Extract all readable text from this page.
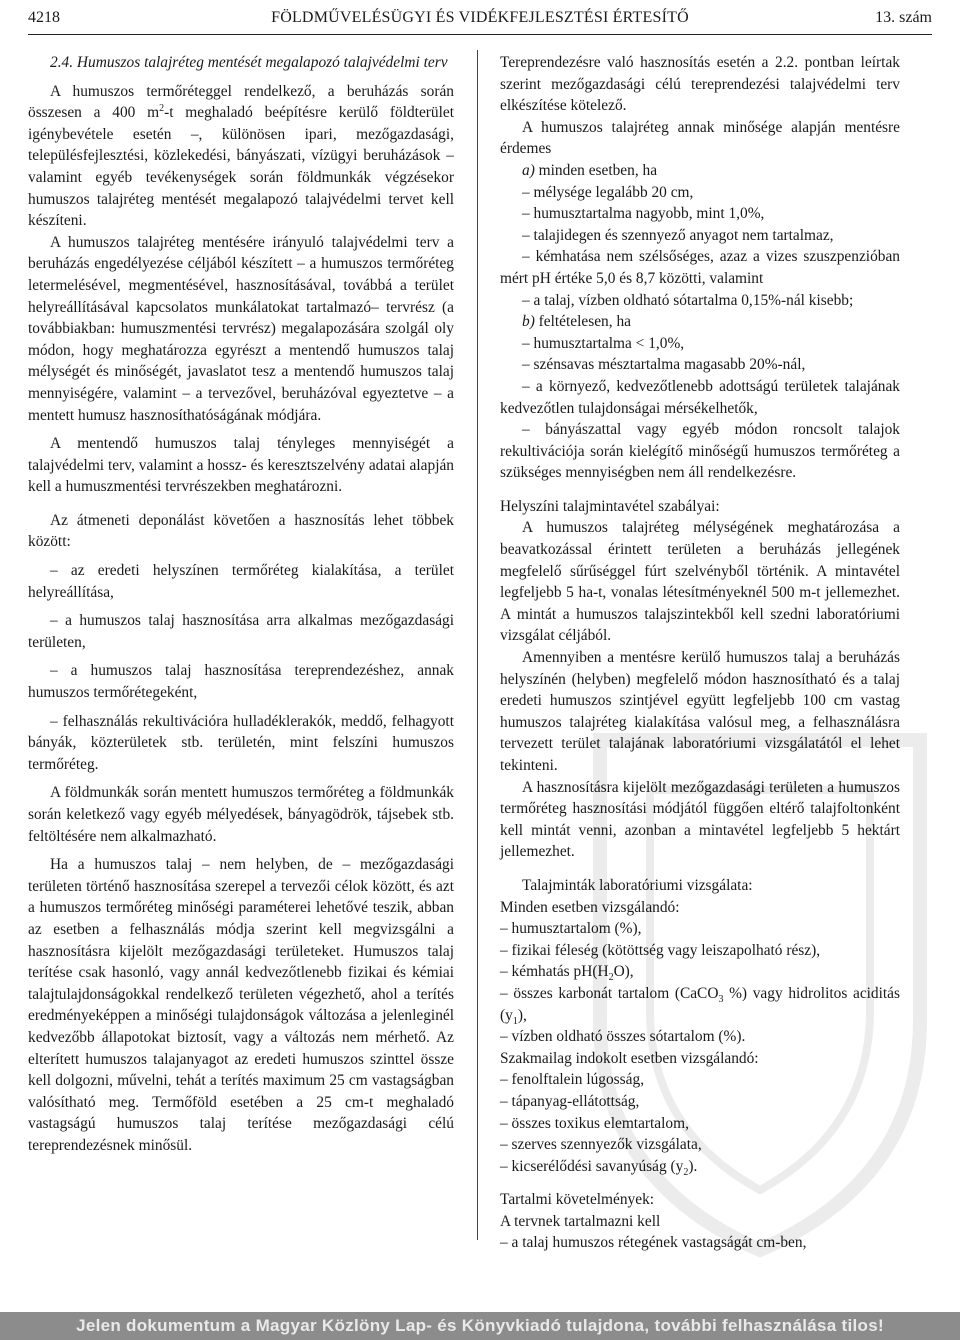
4218	FÖLDMŰVELÉSÜGYI ÉS VIDÉKFEJLESZTÉSI ÉRTESÍTŐ	13. szám

2.4. Humuszos talajréteg mentését megalapozó talajvédelmi terv

A humuszos termőréteggel rendelkező, a beruházás során összesen a 400 $m^2-t$ meghaladó beépítésre kerülő földterület igénybevétele esetén –, különösen ipari, mezőgazdasági, településfejlesztési, közlekedési, bányászati, vízügyi beruházások – valamint egyéb tevékenységek során földmunkák végzésekor humuszos talajréteg mentését megalapozó talajvédelmi tervet kell készíteni.

A humuszos talajréteg mentésére irányuló talajvédelmi terv a beruházás engedélyezése céljából készített – a humuszos termőréteg letermelésével, megmentésével, hasznosításával, továbbá a terület helyreállításával kapcsolatos munkálatokat tartalmazó– tervrész (a továbbiakban: humuszmentési tervrész) megalapozására szolgál oly módon, hogy meghatározza egyrészt a mentendő humuszos talaj mélységét és minőségét, javaslatot tesz a mentendő humuszos talaj mennyiségére, valamint – a tervezővel, beruházóval egyeztetve – a mentett humusz hasznosíthatóságának módjára.

A mentendő humuszos talaj tényleges mennyiségét a talajvédelmi terv, valamint a hossz- és keresztszelvény adatai alapján kell a humuszmentési tervrészekben meghatározni.

Az átmeneti deponálást követően a hasznosítás lehet többek között:

– az eredeti helyszínen termőréteg kialakítása, a terület helyreállítása,

– a humuszos talaj hasznosítása arra alkalmas mezőgazdasági területen,

– a humuszos talaj hasznosítása tereprendezéshez, annak humuszos termőrétegeként,

– felhasználás rekultivációra hulladéklerakók, meddő, felhagyott bányák, közterületek stb. területén, mint felszíni humuszos termőréteg.

A földmunkák során mentett humuszos termőréteg a földmunkák során keletkező vagy egyéb mélyedések, bányagödrök, tájsebek stb. feltöltésére nem alkalmazható.

Ha a humuszos talaj – nem helyben, de – mezőgazdasági területen történő hasznosítása szerepel a tervezői célok között, és azt a humuszos termőréteg minőségi paraméterei lehetővé teszik, abban az esetben a felhasználás módja szerint kell megvizsgálni a hasznosításra kijelölt mezőgazdasági területeket. Humuszos talaj terítése csak hasonló, vagy annál kedvezőtlenebb fizikai és kémiai talajtulajdonságokkal rendelkező területen végezhető, ahol a terítés eredményeképpen a minőségi tulajdonságok változása a jelenleginél kedvezőbb állapotokat biztosít, vagy a változás nem mérhető. Az elterített humuszos talajanyagot az eredeti humuszos szinttel össze kell dolgozni, művelni, tehát a terítés maximum 25 cm vastagságban valósítható meg. Termőföld esetében a 25 cm-t meghaladó vastagságú humuszos talaj terítése mezőgazdasági célú tereprendezésnek minősül.

Tereprendezésre való hasznosítás esetén a 2.2. pontban leírtak szerint mezőgazdasági célú tereprendezési talajvédelmi terv elkészítése kötelező.

A humuszos talajréteg annak minősége alapján mentésre érdemes

a) minden esetben, ha

– mélysége legalább 20 cm,

– humusztartalma nagyobb, mint 1,0%,

– talajidegen és szennyező anyagot nem tartalmaz,

– kémhatása nem szélsőséges, azaz a vizes szuszpenzióban mért pH értéke 5,0 és 8,7 közötti, valamint

– a talaj, vízben oldható sótartalma 0,15%-nál kisebb;

b) feltételesen, ha

– humusztartalma < 1,0%,

– szénsavas mésztartalma magasabb 20%-nál,

– a környező, kedvezőtlenebb adottságú területek talajának kedvezőtlen tulajdonságai mérsékelhetők,

– bányászattal vagy egyéb módon roncsolt talajok rekultivációja során kielégítő minőségű humuszos termőréteg a szükséges mennyiségben nem áll rendelkezésre.

Helyszíni talajmintavétel szabályai:

A humuszos talajréteg mélységének meghatározása a beavatkozással érintett területen a beruházás jellegének megfelelő sűrűséggel fúrt szelvényből történik. A mintavétel legfeljebb 5 ha-t, vonalas létesítményeknél 500 m-t jellemezhet. A mintát a humuszos talajszintekből kell szedni laboratóriumi vizsgálat céljából.

Amennyiben a mentésre kerülő humuszos talaj a beruházás helyszínén (helyben) megfelelő módon hasznosítható és a talaj eredeti humuszos szintjével együtt legfeljebb 100 cm vastag humuszos talajréteg kialakítása valósul meg, a felhasználásra tervezett terület talajának laboratóriumi vizsgálatától el lehet tekinteni.

A hasznosításra kijelölt mezőgazdasági területen a humuszos termőréteg hasznosítási módjától függően eltérő talajfoltonként kell mintát venni, azonban a mintavétel legfeljebb 5 hektárt jellemezhet.

Talajminták laboratóriumi vizsgálata:

Minden esetben vizsgálandó:

– humusztartalom (%),

– fizikai féleség (kötöttség vagy leiszapolható rész),

– kémhatás $pH(H_2O)$,

– összes karbonát tartalom (CaCO$_3$ %) vagy hidrolitos aciditás $(y_1)$,

– vízben oldható összes sótartalom (%).

Szakmailag indokolt esetben vizsgálandó:

– fenolftalein lúgosság,

– tápanyag-ellátottság,

– összes toxikus elemtartalom,

– szerves szennyezők vizsgálata,

– kicserélődési savanyúság $(y_2)$.

Tartalmi követelmények:

A tervnek tartalmazni kell

– a talaj humuszos rétegének vastagságát cm-ben,

Jelen dokumentum a Magyar Közlöny Lap- és Könyvkiadó tulajdona, további felhasználása tilos!
